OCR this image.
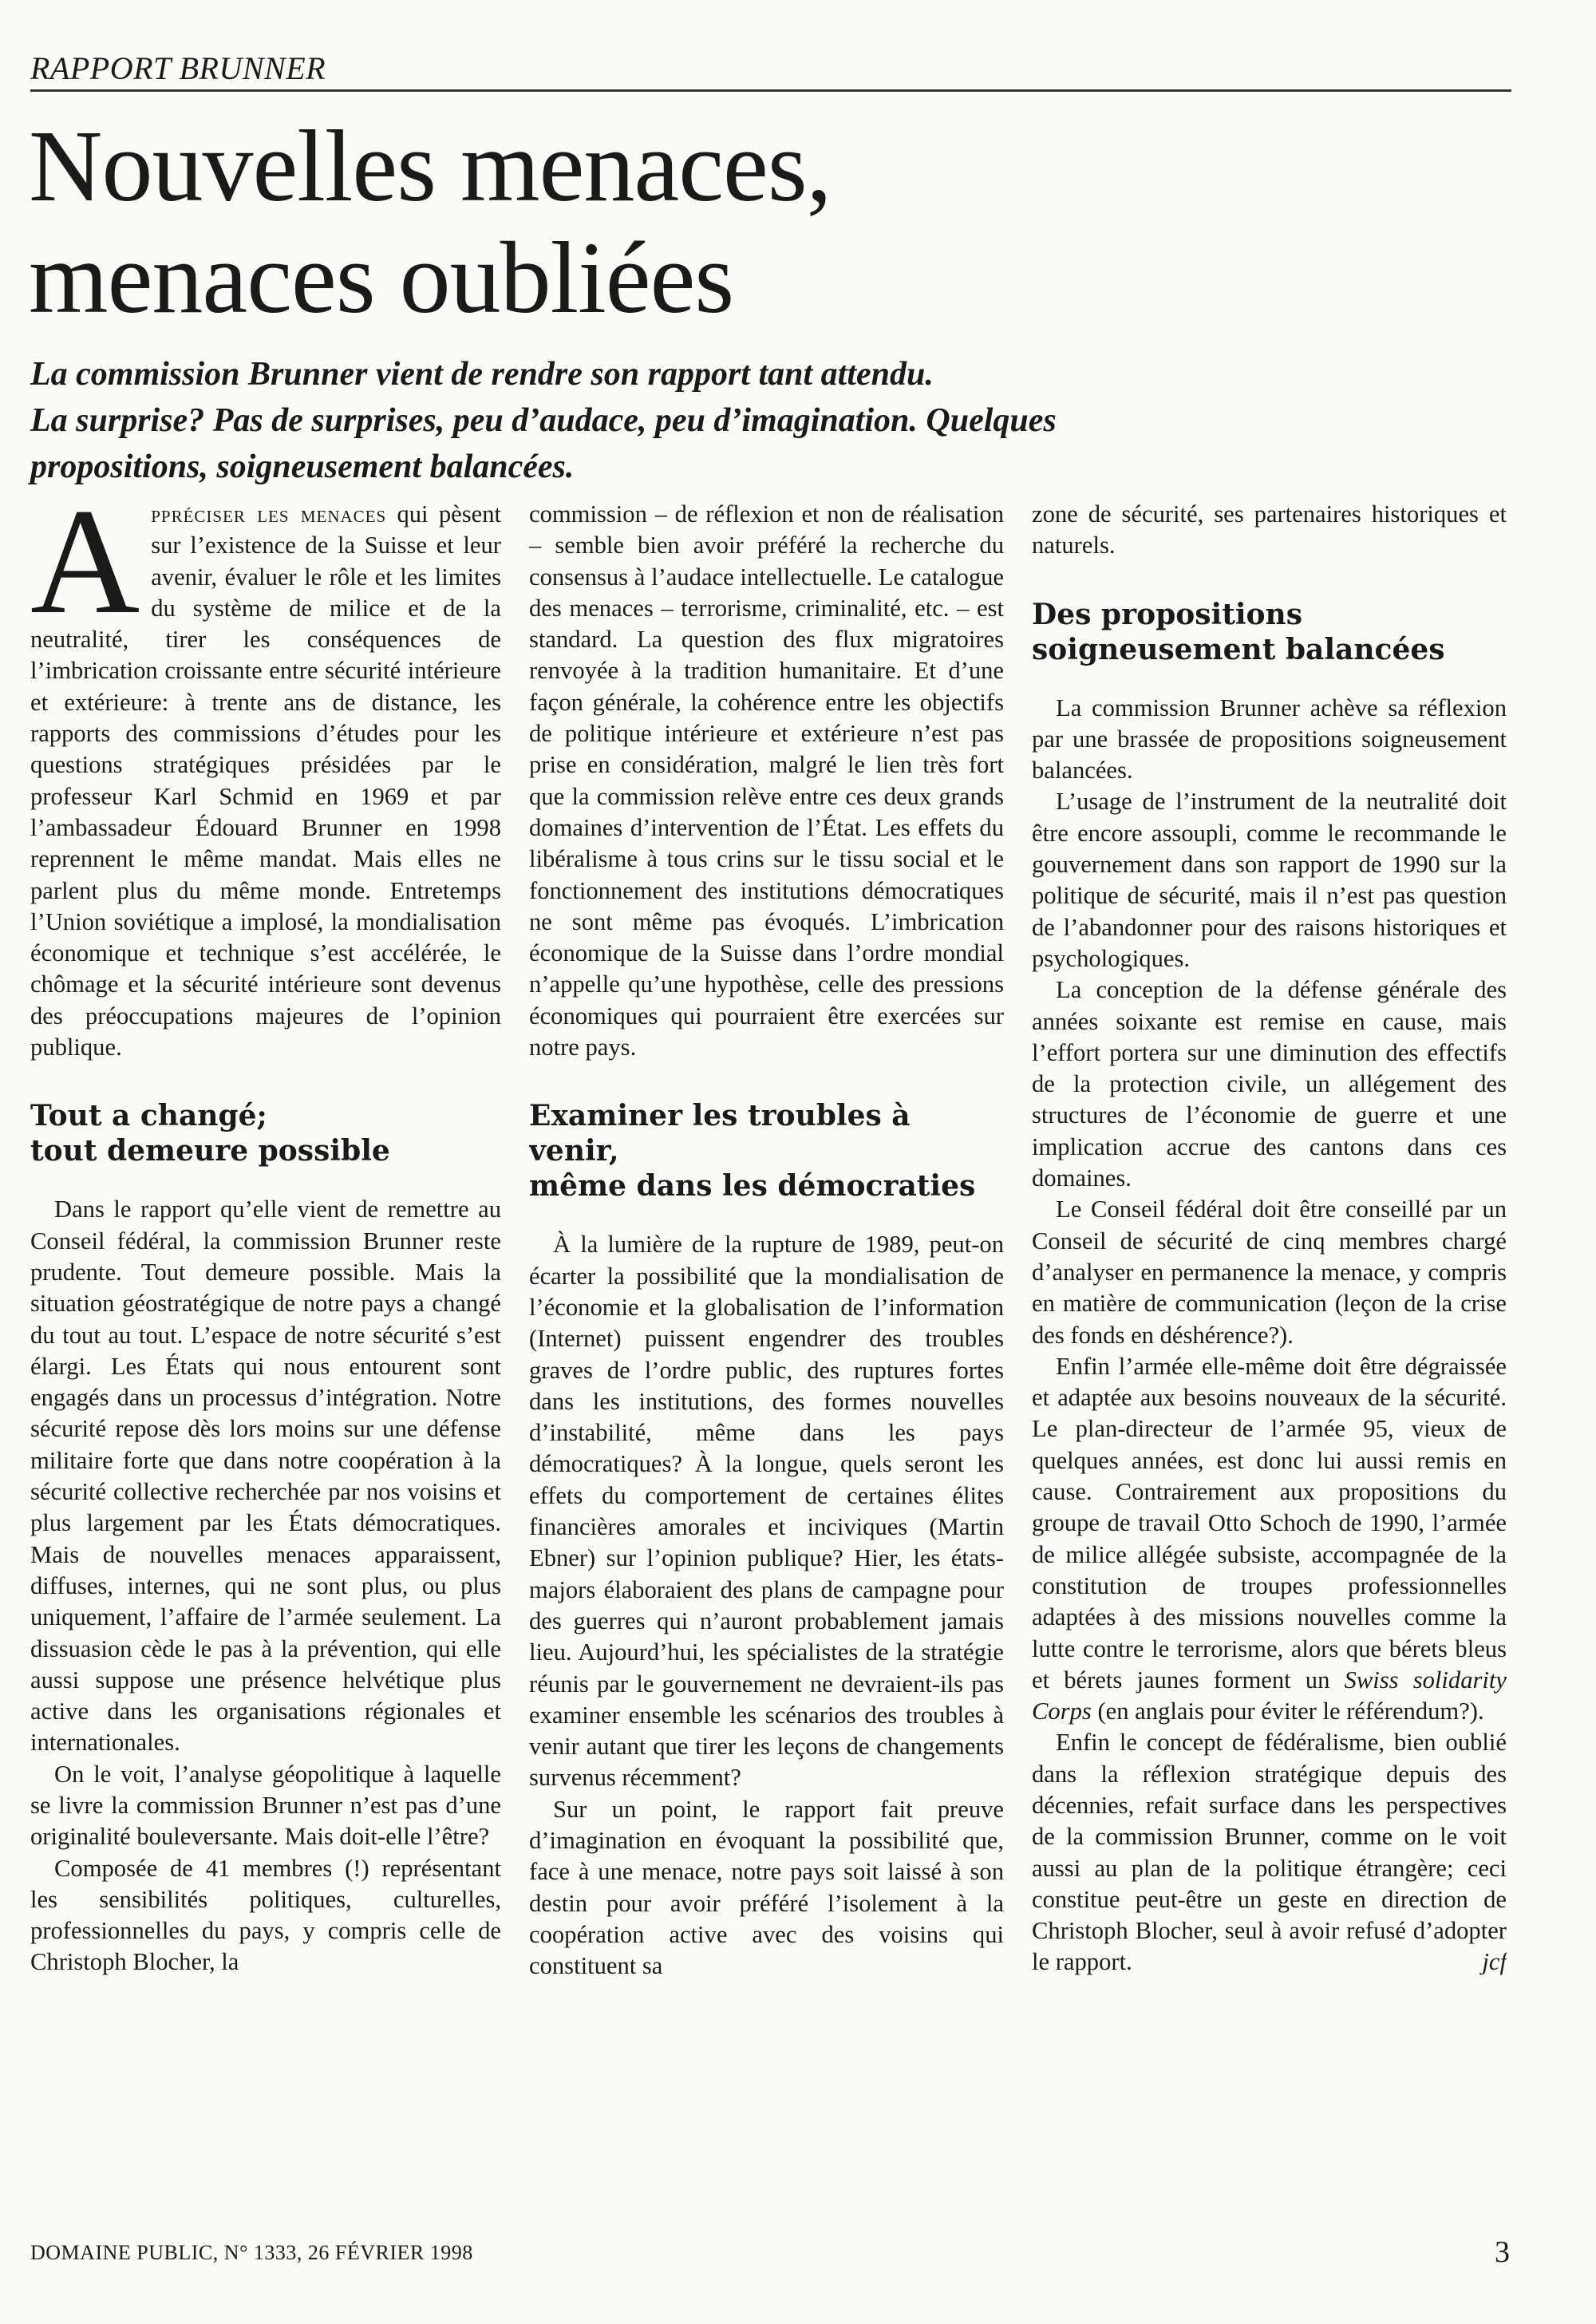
RAPPORT BRUNNER
Nouvelles menaces,
menaces oubliées
La commission Brunner vient de rendre son rapport tant attendu.
La surprise? Pas de surprises, peu d’audace, peu d’imagination. Quelques
propositions, soigneusement balancées.

Appréciser les menaces qui pèsent sur l’existence de la Suisse et leur avenir, évaluer le rôle et les limites du système de milice et de la neutralité, tirer les conséquences de l’imbrication croissante entre sécurité intérieure et extérieure: à trente ans de distance, les rapports des commissions d’études pour les questions stratégiques présidées par le professeur Karl Schmid en 1969 et par l’ambassadeur Édouard Brunner en 1998 reprennent le même mandat. Mais elles ne parlent plus du même monde. Entretemps l’Union soviétique a implosé, la mondialisation économique et technique s’est accélérée, le chômage et la sécurité intérieure sont devenus des préoccupations majeures de l’opinion publique.

Tout a changé;
tout demeure possible

Dans le rapport qu’elle vient de remettre au Conseil fédéral, la commission Brunner reste prudente. Tout demeure possible. Mais la situation géostratégique de notre pays a changé du tout au tout. L’espace de notre sécurité s’est élargi. Les États qui nous entourent sont engagés dans un processus d’intégration. Notre sécurité repose dès lors moins sur une défense militaire forte que dans notre coopération à la sécurité collective recherchée par nos voisins et plus largement par les États démocratiques. Mais de nouvelles menaces apparaissent, diffuses, internes, qui ne sont plus, ou plus uniquement, l’affaire de l’armée seulement. La dissuasion cède le pas à la prévention, qui elle aussi suppose une présence helvétique plus active dans les organisations régionales et internationales.

On le voit, l’analyse géopolitique à laquelle se livre la commission Brunner n’est pas d’une originalité bouleversante. Mais doit-elle l’être?

Composée de 41 membres (!) représentant les sensibilités politiques, culturelles, professionnelles du pays, y compris celle de Christoph Blocher, la

commission – de réflexion et non de réalisation – semble bien avoir préféré la recherche du consensus à l’audace intellectuelle. Le catalogue des menaces – terrorisme, criminalité, etc. – est standard. La question des flux migratoires renvoyée à la tradition humanitaire. Et d’une façon générale, la cohérence entre les objectifs de politique intérieure et extérieure n’est pas prise en considération, malgré le lien très fort que la commission relève entre ces deux grands domaines d’intervention de l’État. Les effets du libéralisme à tous crins sur le tissu social et le fonctionnement des institutions démocratiques ne sont même pas évoqués. L’imbrication économique de la Suisse dans l’ordre mondial n’appelle qu’une hypothèse, celle des pressions économiques qui pourraient être exercées sur notre pays.

Examiner les troubles à venir,
même dans les démocraties

À la lumière de la rupture de 1989, peut-on écarter la possibilité que la mondialisation de l’économie et la globalisation de l’information (Internet) puissent engendrer des troubles graves de l’ordre public, des ruptures fortes dans les institutions, des formes nouvelles d’instabilité, même dans les pays démocratiques? À la longue, quels seront les effets du comportement de certaines élites financières amorales et inciviques (Martin Ebner) sur l’opinion publique? Hier, les états-majors élaboraient des plans de campagne pour des guerres qui n’auront probablement jamais lieu. Aujourd’hui, les spécialistes de la stratégie réunis par le gouvernement ne devraient-ils pas examiner ensemble les scénarios des troubles à venir autant que tirer les leçons de changements survenus récemment?

Sur un point, le rapport fait preuve d’imagination en évoquant la possibilité que, face à une menace, notre pays soit laissé à son destin pour avoir préféré l’isolement à la coopération active avec des voisins qui constituent sa

zone de sécurité, ses partenaires historiques et naturels.

Des propositions
soigneusement balancées

La commission Brunner achève sa réflexion par une brassée de propositions soigneusement balancées.

L’usage de l’instrument de la neutralité doit être encore assoupli, comme le recommande le gouvernement dans son rapport de 1990 sur la politique de sécurité, mais il n’est pas question de l’abandonner pour des raisons historiques et psychologiques.

La conception de la défense générale des années soixante est remise en cause, mais l’effort portera sur une diminution des effectifs de la protection civile, un allégement des structures de l’économie de guerre et une implication accrue des cantons dans ces domaines.

Le Conseil fédéral doit être conseillé par un Conseil de sécurité de cinq membres chargé d’analyser en permanence la menace, y compris en matière de communication (leçon de la crise des fonds en déshérence?).

Enfin l’armée elle-même doit être dégraissée et adaptée aux besoins nouveaux de la sécurité. Le plan-directeur de l’armée 95, vieux de quelques années, est donc lui aussi remis en cause. Contrairement aux propositions du groupe de travail Otto Schoch de 1990, l’armée de milice allégée subsiste, accompagnée de la constitution de troupes professionnelles adaptées à des missions nouvelles comme la lutte contre le terrorisme, alors que bérets bleus et bérets jaunes forment un Swiss solidarity Corps (en anglais pour éviter le référendum?).

Enfin le concept de fédéralisme, bien oublié dans la réflexion stratégique depuis des décennies, refait surface dans les perspectives de la commission Brunner, comme on le voit aussi au plan de la politique étrangère; ceci constitue peut-être un geste en direction de Christoph Blocher, seul à avoir refusé d’adopter le rapport.	jcf

DOMAINE PUBLIC, N° 1333, 26 FÉVRIER 1998	3
